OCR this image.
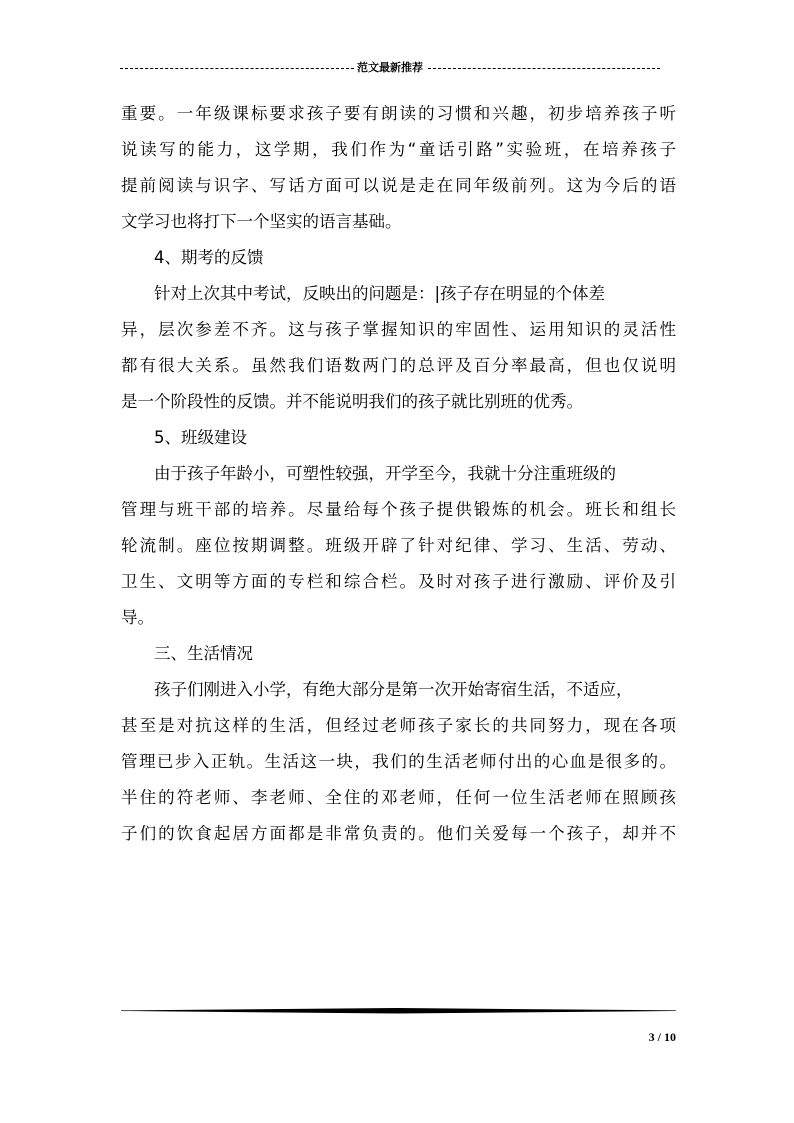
范文最新推荐
重要。一年级课标要求孩子要有朗读的习惯和兴趣，初步培养孩子听
说读写的能力，这学期，我们作为“童话引路”实验班，在培养孩子
提前阅读与识字、写话方面可以说是走在同年级前列。这为今后的语
文学习也将打下一个坚实的语言基础。
4、期考的反馈
针对上次其中考试，反映出的问题是：|孩子存在明显的个体差
异，层次参差不齐。这与孩子掌握知识的牢固性、运用知识的灵活性
都有很大关系。虽然我们语数两门的总评及百分率最高，但也仅说明
是一个阶段性的反馈。并不能说明我们的孩子就比别班的优秀。
5、班级建设
由于孩子年龄小，可塑性较强，开学至今，我就十分注重班级的
管理与班干部的培养。尽量给每个孩子提供锻炼的机会。班长和组长
轮流制。座位按期调整。班级开辟了针对纪律、学习、生活、劳动、
卫生、文明等方面的专栏和综合栏。及时对孩子进行激励、评价及引
导。
三、生活情况
孩子们刚进入小学，有绝大部分是第一次开始寄宿生活，不适应，
甚至是对抗这样的生活，但经过老师孩子家长的共同努力，现在各项
管理已步入正轨。生活这一块，我们的生活老师付出的心血是很多的。
半住的符老师、李老师、全住的邓老师，任何一位生活老师在照顾孩
子们的饮食起居方面都是非常负责的。他们关爱每一个孩子，却并不
3 / 10
